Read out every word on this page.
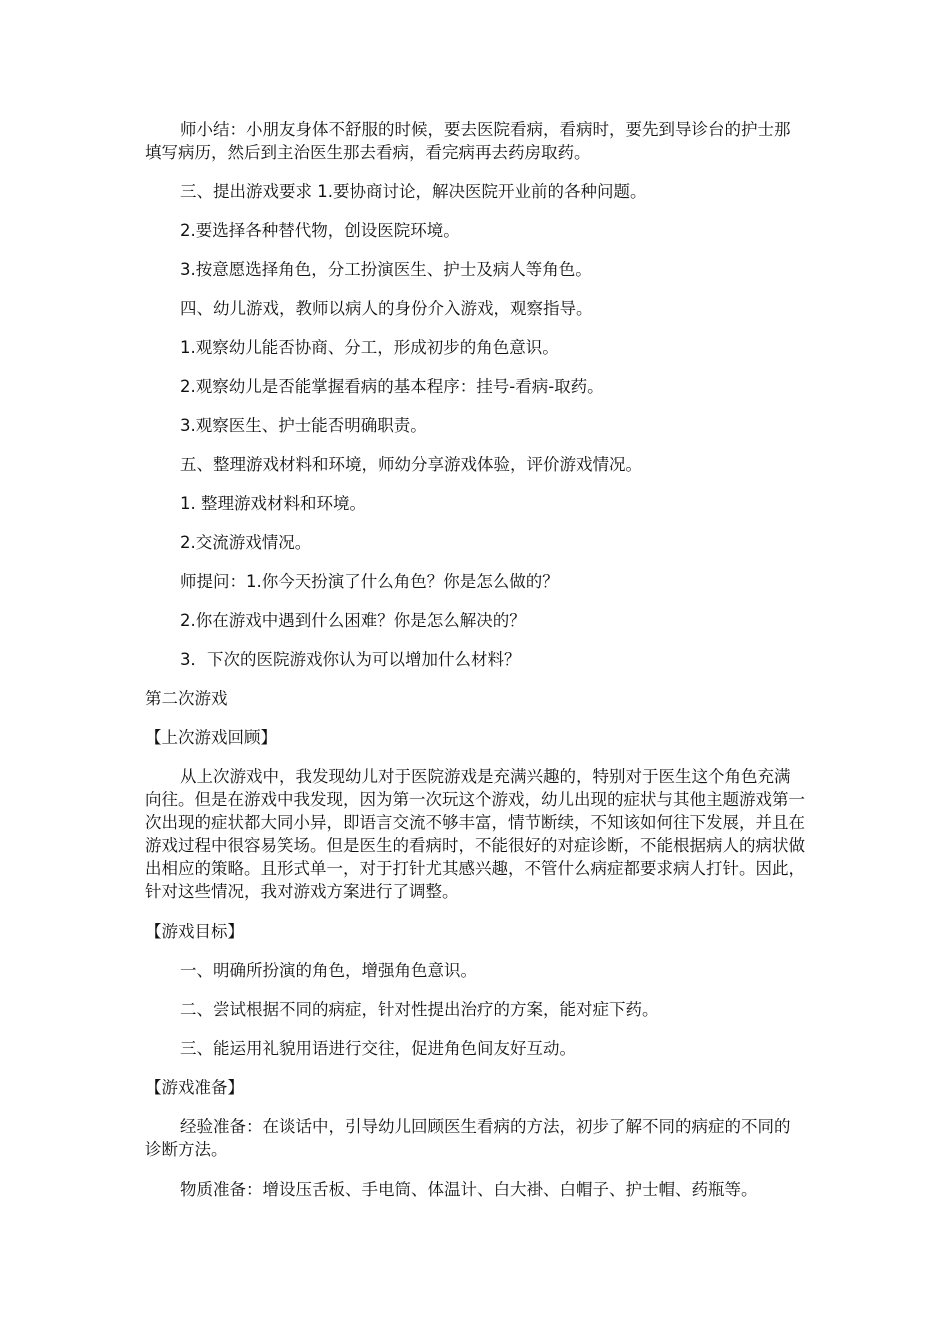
师小结：小朋友身体不舒服的时候，要去医院看病，看病时，要先到导诊台的护士那填写病历，然后到主治医生那去看病，看完病再去药房取药。

三、提出游戏要求 1.要协商讨论，解决医院开业前的各种问题。

2.要选择各种替代物，创设医院环境。

3.按意愿选择角色，分工扮演医生、护士及病人等角色。

四、幼儿游戏，教师以病人的身份介入游戏，观察指导。

1.观察幼儿能否协商、分工，形成初步的角色意识。

2.观察幼儿是否能掌握看病的基本程序：挂号-看病-取药。

3.观察医生、护士能否明确职责。

五、整理游戏材料和环境，师幼分享游戏体验，评价游戏情况。

1. 整理游戏材料和环境。

2.交流游戏情况。

师提问：1.你今天扮演了什么角色？你是怎么做的？

2.你在游戏中遇到什么困难？你是怎么解决的？

3．下次的医院游戏你认为可以增加什么材料？

第二次游戏

【上次游戏回顾】

从上次游戏中，我发现幼儿对于医院游戏是充满兴趣的，特别对于医生这个角色充满向往。但是在游戏中我发现，因为第一次玩这个游戏，幼儿出现的症状与其他主题游戏第一次出现的症状都大同小异，即语言交流不够丰富，情节断续，不知该如何往下发展，并且在游戏过程中很容易笑场。但是医生的看病时，不能很好的对症诊断，不能根据病人的病状做出相应的策略。且形式单一，对于打针尤其感兴趣，不管什么病症都要求病人打针。因此，针对这些情况，我对游戏方案进行了调整。

【游戏目标】

一、明确所扮演的角色，增强角色意识。

二、尝试根据不同的病症，针对性提出治疗的方案，能对症下药。

三、能运用礼貌用语进行交往，促进角色间友好互动。

【游戏准备】

经验准备：在谈话中，引导幼儿回顾医生看病的方法，初步了解不同的病症的不同的诊断方法。

物质准备：增设压舌板、手电筒、体温计、白大褂、白帽子、护士帽、药瓶等。
